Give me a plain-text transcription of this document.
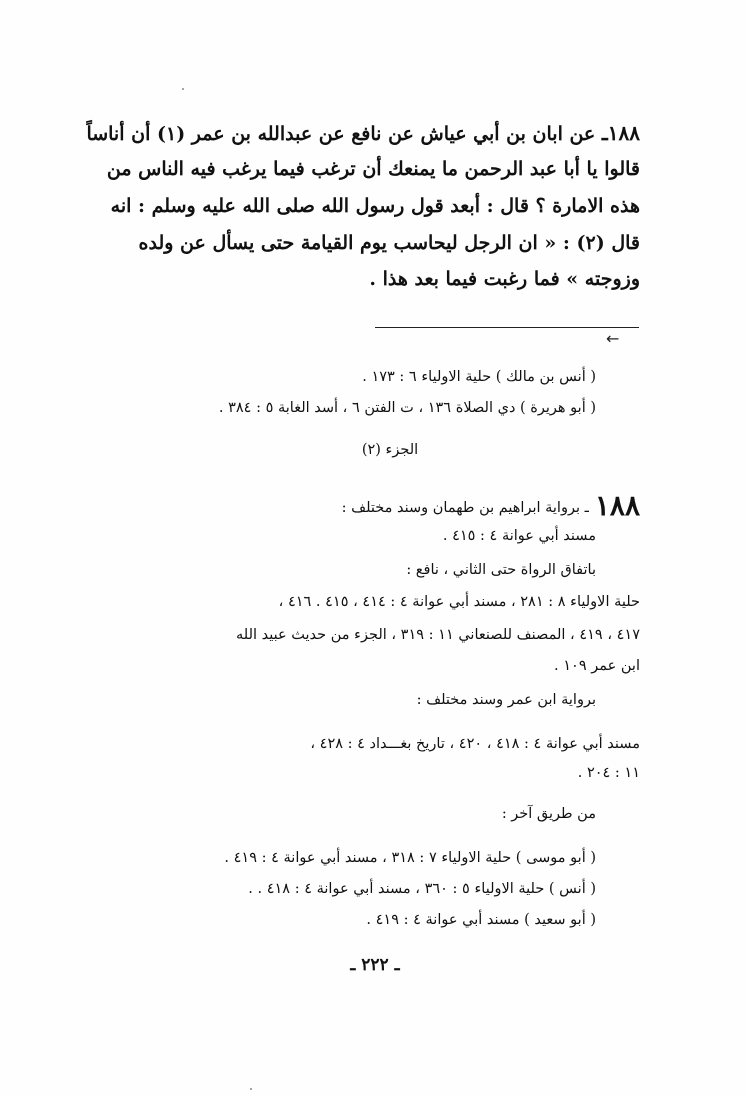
١٨٨ـ عن ابان بن أبي عياش عن نافع عن عبدالله بن عمر (١) أن أناساً
قالوا يا أبا عبد الرحمن ما يمنعك أن ترغب فيما يرغب فيه الناس من
هذه الامارة ؟ قال : أبعد قول رسول الله صلى الله عليه وسلم : انه
قال (٢) : « ان الرجل ليحاسب يوم القيامة حتى يسأل عن ولده
وزوجته » فما رغبت فيما بعد هذا .
←
( أنس بن مالك ) حلية الاولياء ٦ : ١٧٣ .
( أبو هريرة ) دي الصلاة ١٣٦ ، ت الفتن ٦ ، أسد الغابة ٥ : ٣٨٤ .
الجزء (٢)
١٨٨ـ برواية ابراهيم بن طهمان وسند مختلف :
مسند أبي عوانة ٤ : ٤١٥ .
باتفاق الرواة حتى الثاني ، نافع :
حلية الاولياء ٨ : ٢٨١ ، مسند أبي عوانة ٤ : ٤١٤ ، ٤١٥ . ٤١٦ ،
٤١٧ ، ٤١٩ ، المصنف للصنعاني ١١ : ٣١٩ ، الجزء من حديث عبيد الله
ابن عمر ١٠٩ .
برواية ابن عمر وسند مختلف :
مسند أبي عوانة ٤ : ٤١٨ ، ٤٢٠ ، تاريخ بغـــداد ٤ : ٤٢٨ ،
١١ : ٢٠٤ .
من طريق آخر :
( أبو موسى ) حلية الاولياء ٧ : ٣١٨ ، مسند أبي عوانة ٤ : ٤١٩ .
( أنس ) حلية الاولياء ٥ : ٣٦٠ ، مسند أبي عوانة ٤ : ٤١٨ . .
( أبو سعيد ) مسند أبي عوانة ٤ : ٤١٩ .
ـ ٢٢٢ ـ
